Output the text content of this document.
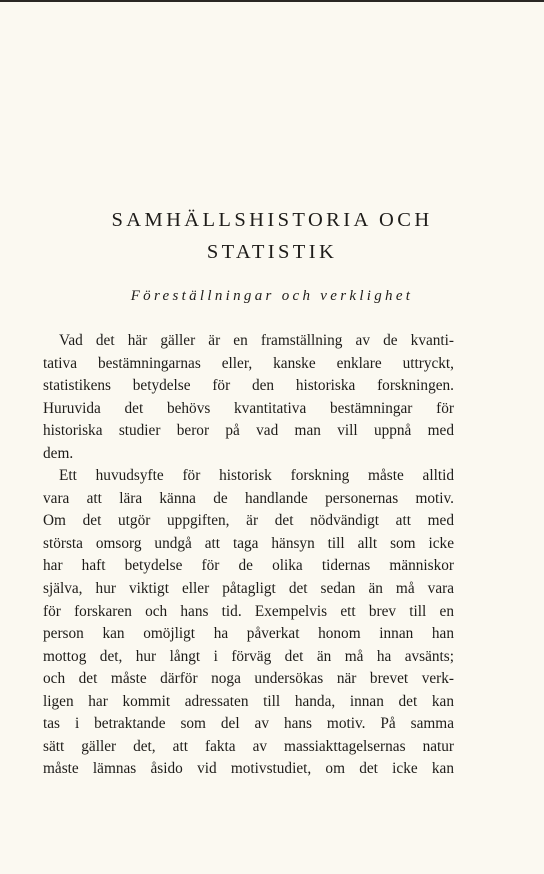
SAMHÄLLSHISTORIA OCH
STATISTIK

Föreställningar och verklighet

Vad det här gäller är en framställning av de kvanti-
tativa bestämningarnas eller, kanske enklare uttryckt,
statistikens betydelse för den historiska forskningen.
Huruvida det behövs kvantitativa bestämningar för
historiska studier beror på vad man vill uppnå med
dem.
Ett huvudsyfte för historisk forskning måste alltid
vara att lära känna de handlande personernas motiv.
Om det utgör uppgiften, är det nödvändigt att med
största omsorg undgå att taga hänsyn till allt som icke
har haft betydelse för de olika tidernas människor
själva, hur viktigt eller påtagligt det sedan än må vara
för forskaren och hans tid. Exempelvis ett brev till en
person kan omöjligt ha påverkat honom innan han
mottog det, hur långt i förväg det än må ha avsänts;
och det måste därför noga undersökas när brevet verk-
ligen har kommit adressaten till handa, innan det kan
tas i betraktande som del av hans motiv. På samma
sätt gäller det, att fakta av massiakttagelsernas natur
måste lämnas åsido vid motivstudiet, om det icke kan
